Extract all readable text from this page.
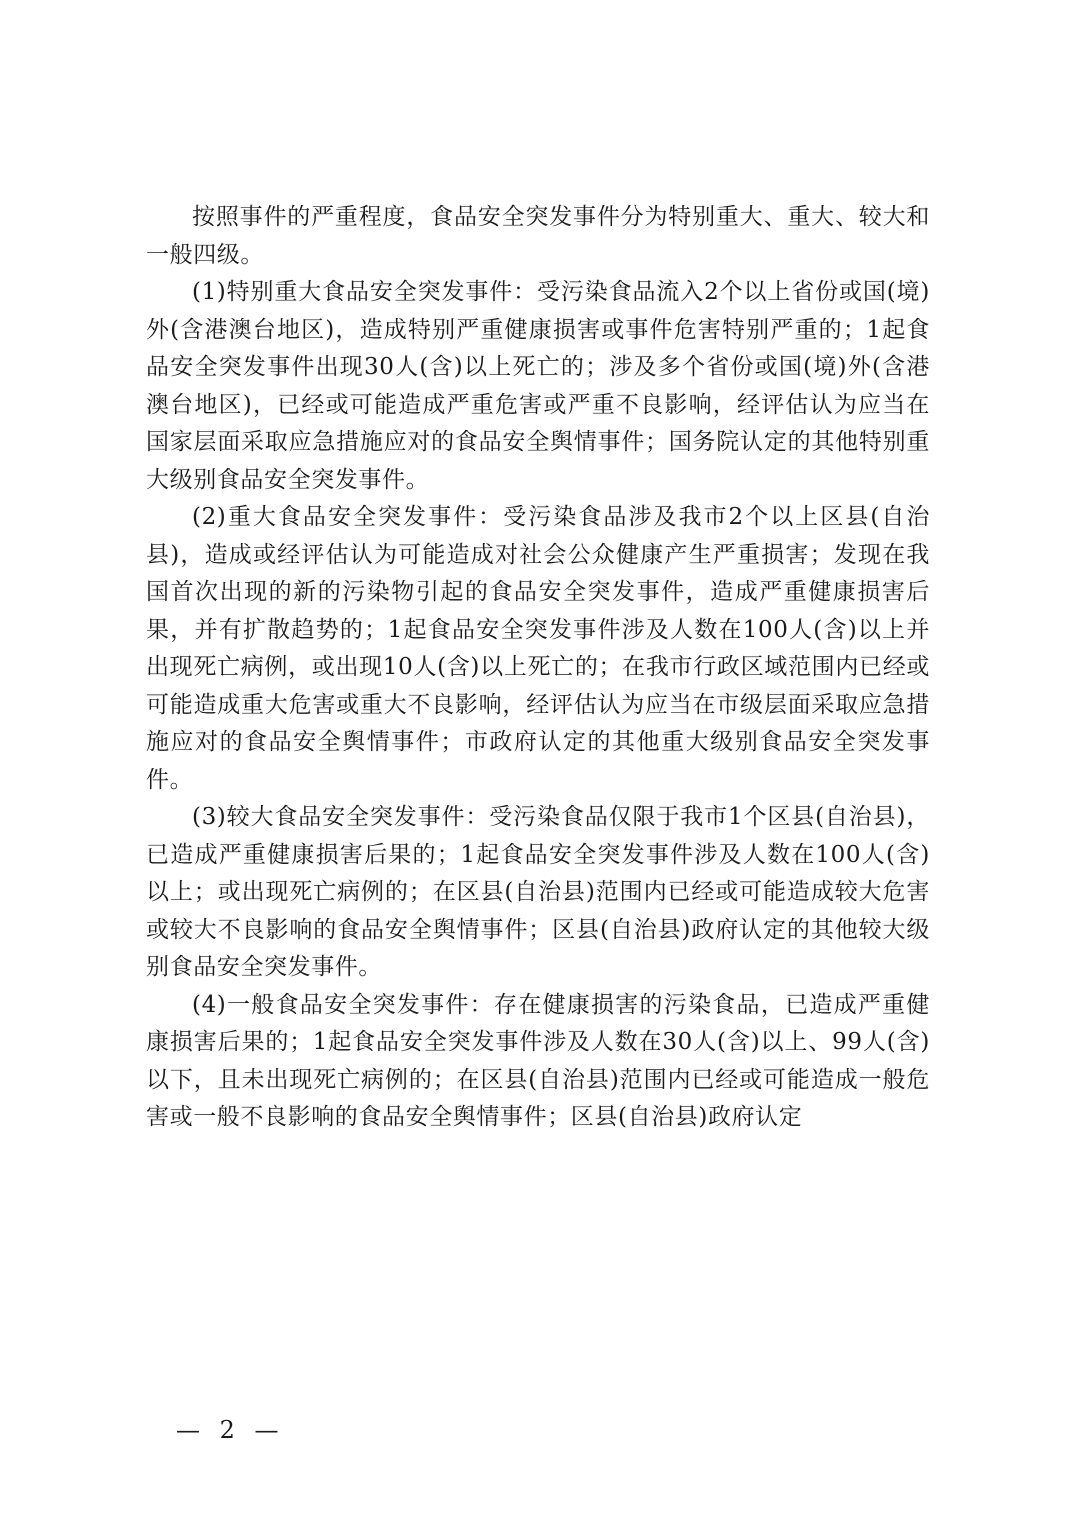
按照事件的严重程度，食品安全突发事件分为特别重大、重大、较大和一般四级。

(1)特别重大食品安全突发事件：受污染食品流入2个以上省份或国(境)外(含港澳台地区)，造成特别严重健康损害或事件危害特别严重的；1起食品安全突发事件出现30人(含)以上死亡的；涉及多个省份或国(境)外(含港澳台地区)，已经或可能造成严重危害或严重不良影响，经评估认为应当在国家层面采取应急措施应对的食品安全舆情事件；国务院认定的其他特别重大级别食品安全突发事件。

(2)重大食品安全突发事件：受污染食品涉及我市2个以上区县(自治县)，造成或经评估认为可能造成对社会公众健康产生严重损害；发现在我国首次出现的新的污染物引起的食品安全突发事件，造成严重健康损害后果，并有扩散趋势的；1起食品安全突发事件涉及人数在100人(含)以上并出现死亡病例，或出现10人(含)以上死亡的；在我市行政区域范围内已经或可能造成重大危害或重大不良影响，经评估认为应当在市级层面采取应急措施应对的食品安全舆情事件；市政府认定的其他重大级别食品安全突发事件。

(3)较大食品安全突发事件：受污染食品仅限于我市1个区县(自治县)，已造成严重健康损害后果的；1起食品安全突发事件涉及人数在100人(含)以上；或出现死亡病例的；在区县(自治县)范围内已经或可能造成较大危害或较大不良影响的食品安全舆情事件；区县(自治县)政府认定的其他较大级别食品安全突发事件。

(4)一般食品安全突发事件：存在健康损害的污染食品，已造成严重健康损害后果的；1起食品安全突发事件涉及人数在30人(含)以上、99人(含)以下，且未出现死亡病例的；在区县(自治县)范围内已经或可能造成一般危害或一般不良影响的食品安全舆情事件；区县(自治县)政府认定

— 2 —
